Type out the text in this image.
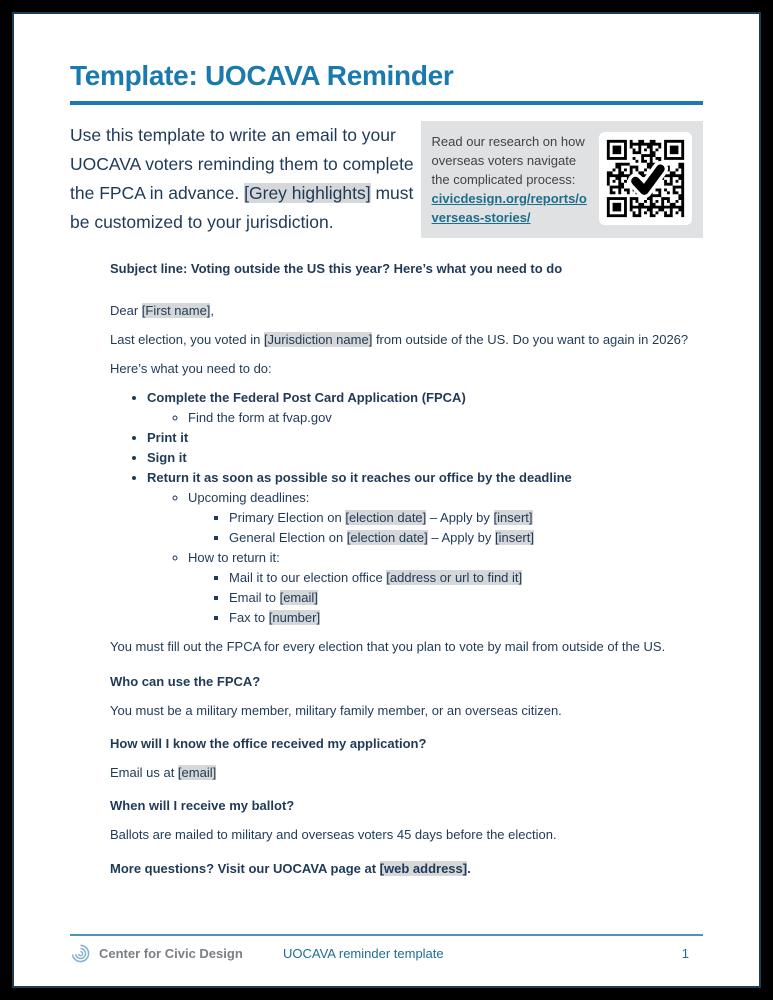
Template: UOCAVA Reminder

Use this template to write an email to your UOCAVA voters reminding them to complete the FPCA in advance. [Grey highlights] must be customized to your jurisdiction.

Read our research on how overseas voters navigate the complicated process:
civicdesign.org/reports/overseas-stories/

Subject line: Voting outside the US this year? Here’s what you need to do

Dear [First name],

Last election, you voted in [Jurisdiction name] from outside of the US. Do you want to again in 2026?

Here’s what you need to do:

• Complete the Federal Post Card Application (FPCA)
◦ Find the form at fvap.gov
• Print it
• Sign it
• Return it as soon as possible so it reaches our office by the deadline
◦ Upcoming deadlines:
▪ Primary Election on [election date] – Apply by [insert]
▪ General Election on [election date] – Apply by [insert]
◦ How to return it:
▪ Mail it to our election office [address or url to find it]
▪ Email to [email]
▪ Fax to [number]

You must fill out the FPCA for every election that you plan to vote by mail from outside of the US.

Who can use the FPCA?

You must be a military member, military family member, or an overseas citizen.

How will I know the office received my application?

Email us at [email]

When will I receive my ballot?

Ballots are mailed to military and overseas voters 45 days before the election.

More questions? Visit our UOCAVA page at [web address].

Center for Civic Design	UOCAVA reminder template	1
